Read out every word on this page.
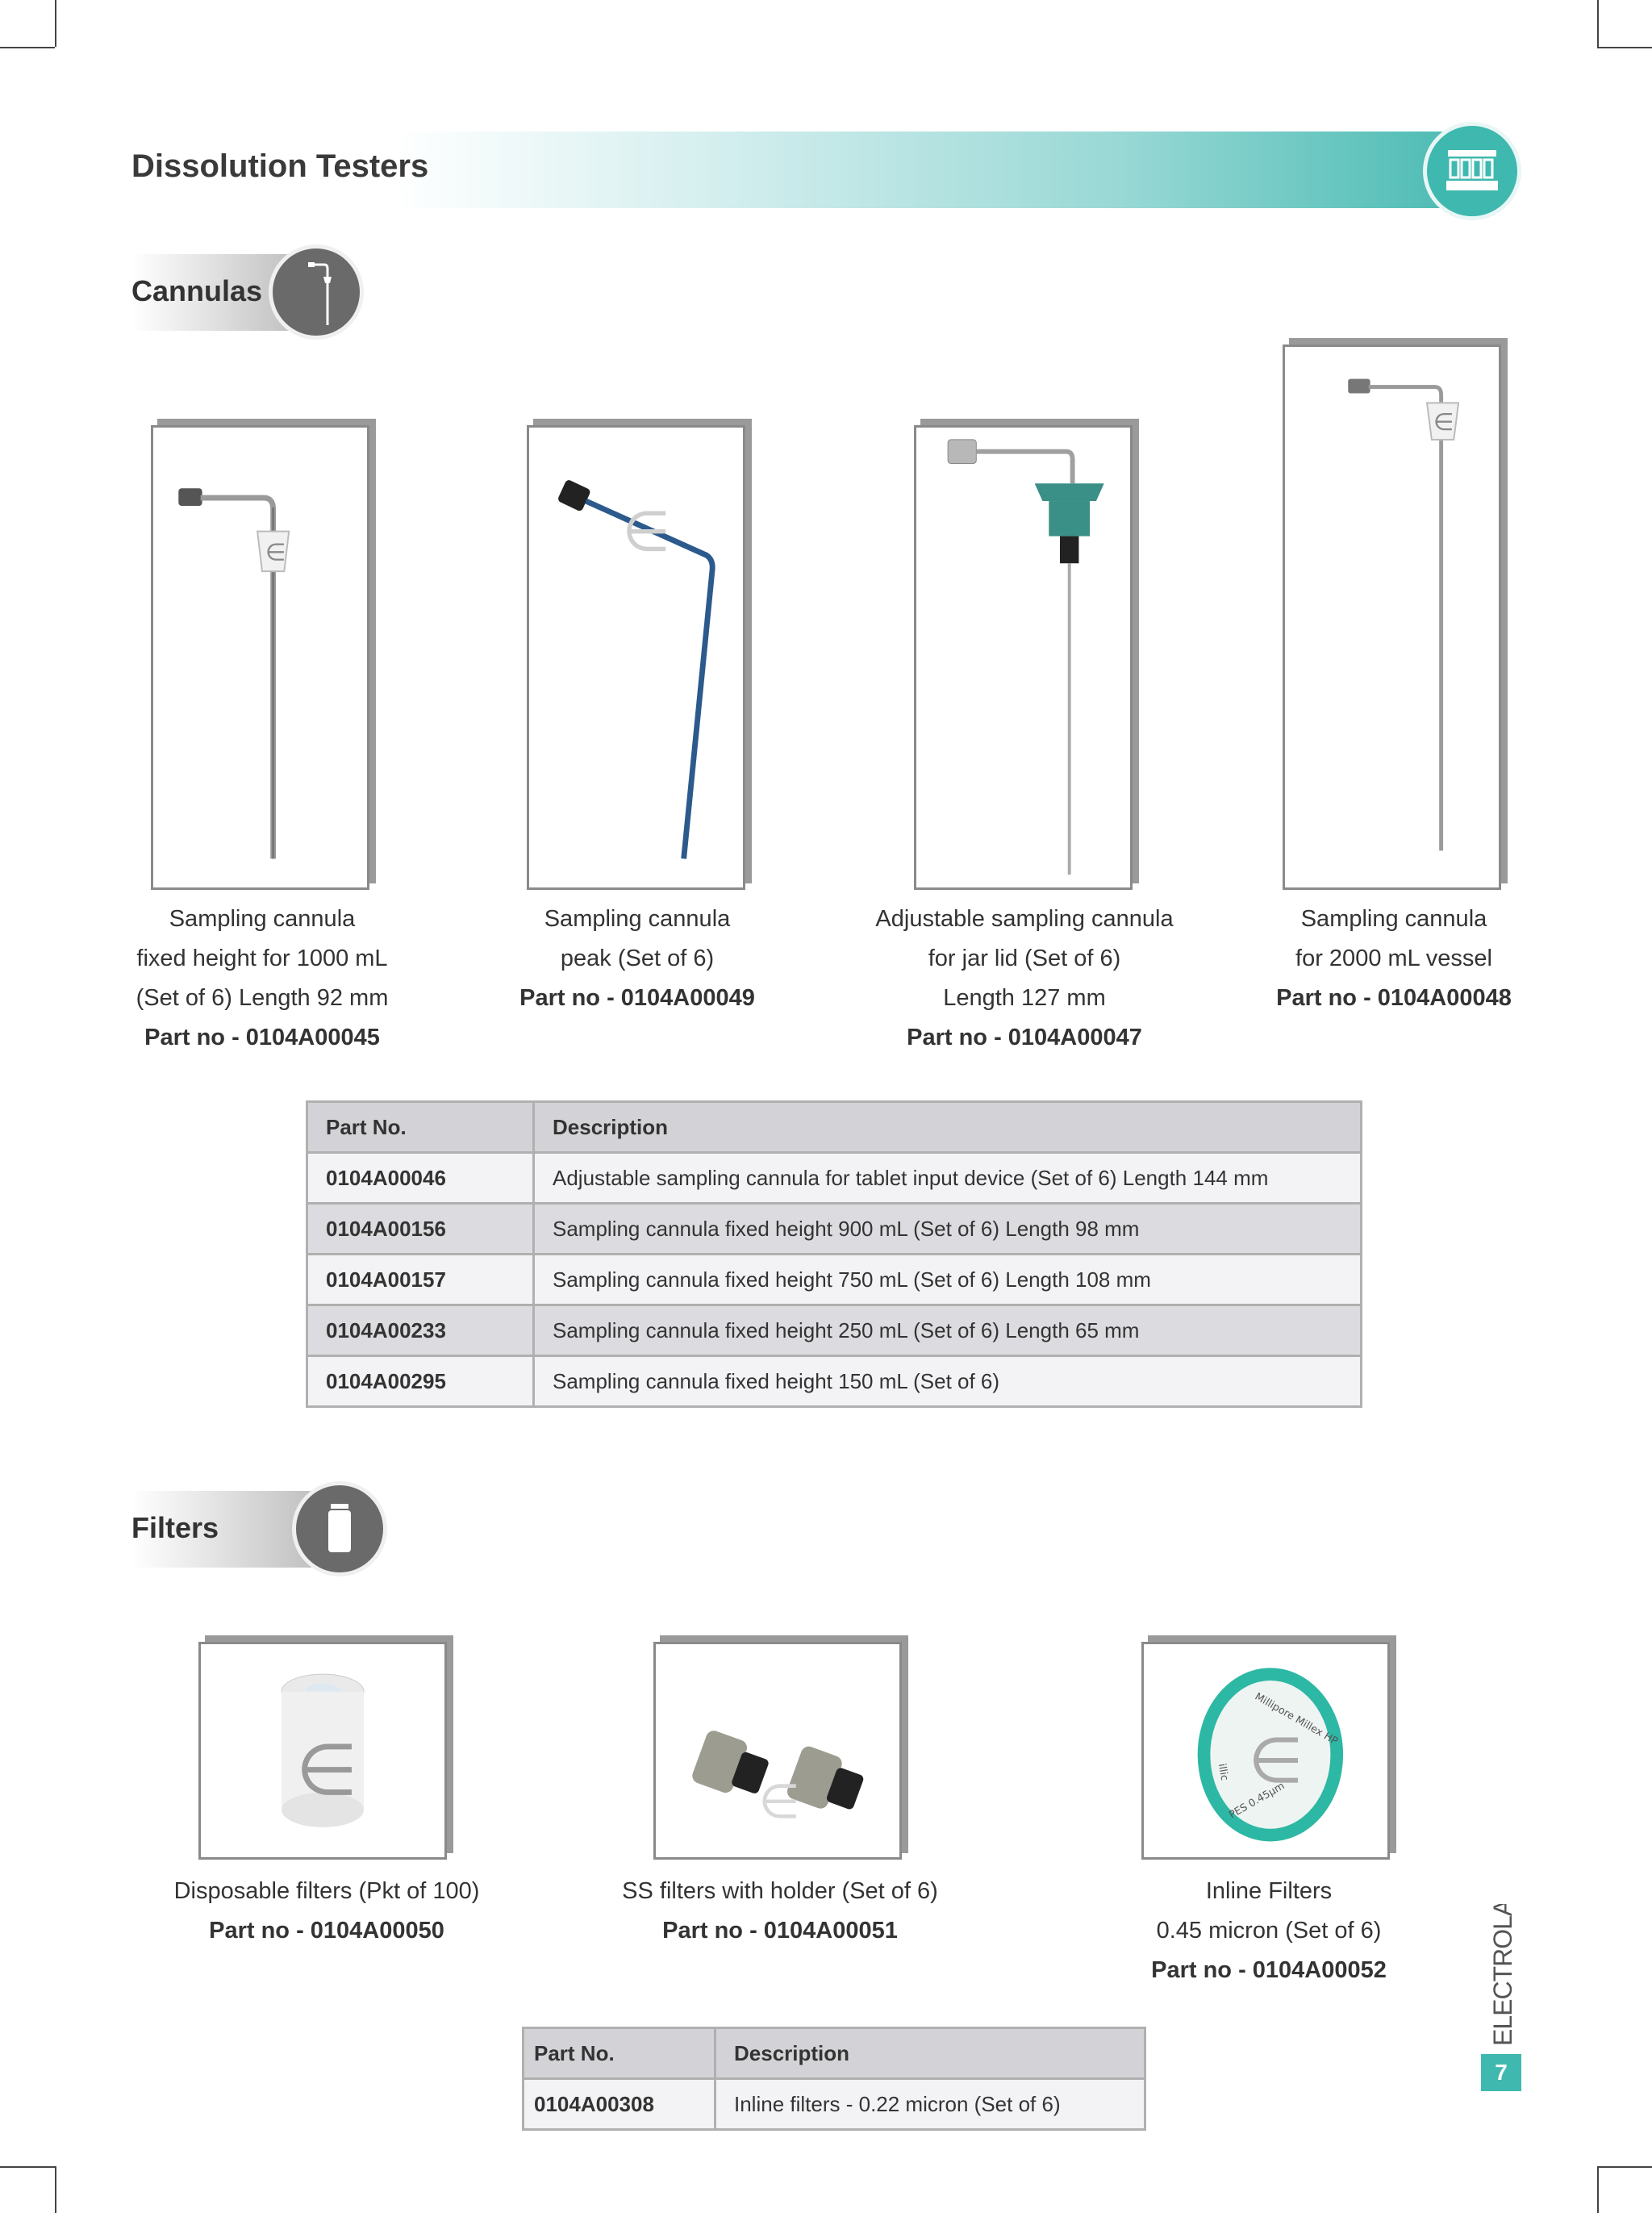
Dissolution Testers
Cannulas
∈	∈
∈
Sampling cannula
fixed height for 1000 mL
(Set of 6) Length 92 mm
Part no - 0104A00045
Sampling cannula
peak (Set of 6)
Part no - 0104A00049
Adjustable sampling cannula
for jar lid (Set of 6)
Length 127 mm
Part no - 0104A00047
Sampling cannula
for 2000 mL vessel
Part no - 0104A00048
Part No.	Description
0104A00046	Adjustable sampling cannula for tablet input device (Set of 6) Length 144 mm
0104A00156	Sampling cannula fixed height 900 mL (Set of 6) Length 98 mm
0104A00157	Sampling cannula fixed height 750 mL (Set of 6) Length 108 mm
0104A00233	Sampling cannula fixed height 250 mL (Set of 6) Length 65 mm
0104A00295	Sampling cannula fixed height 150 mL (Set of 6)
Filters
∈	∈
∈
Millipore Millex HP
PES 0.45µm
illic
Disposable filters (Pkt of 100)
Part no - 0104A00050
SS filters with holder (Set of 6)
Part no - 0104A00051
Inline Filters
0.45 micron (Set of 6)
Part no - 0104A00052
Part No.	Description
0104A00308	Inline filters - 0.22 micron (Set of 6)
ELECTROLAB
7
